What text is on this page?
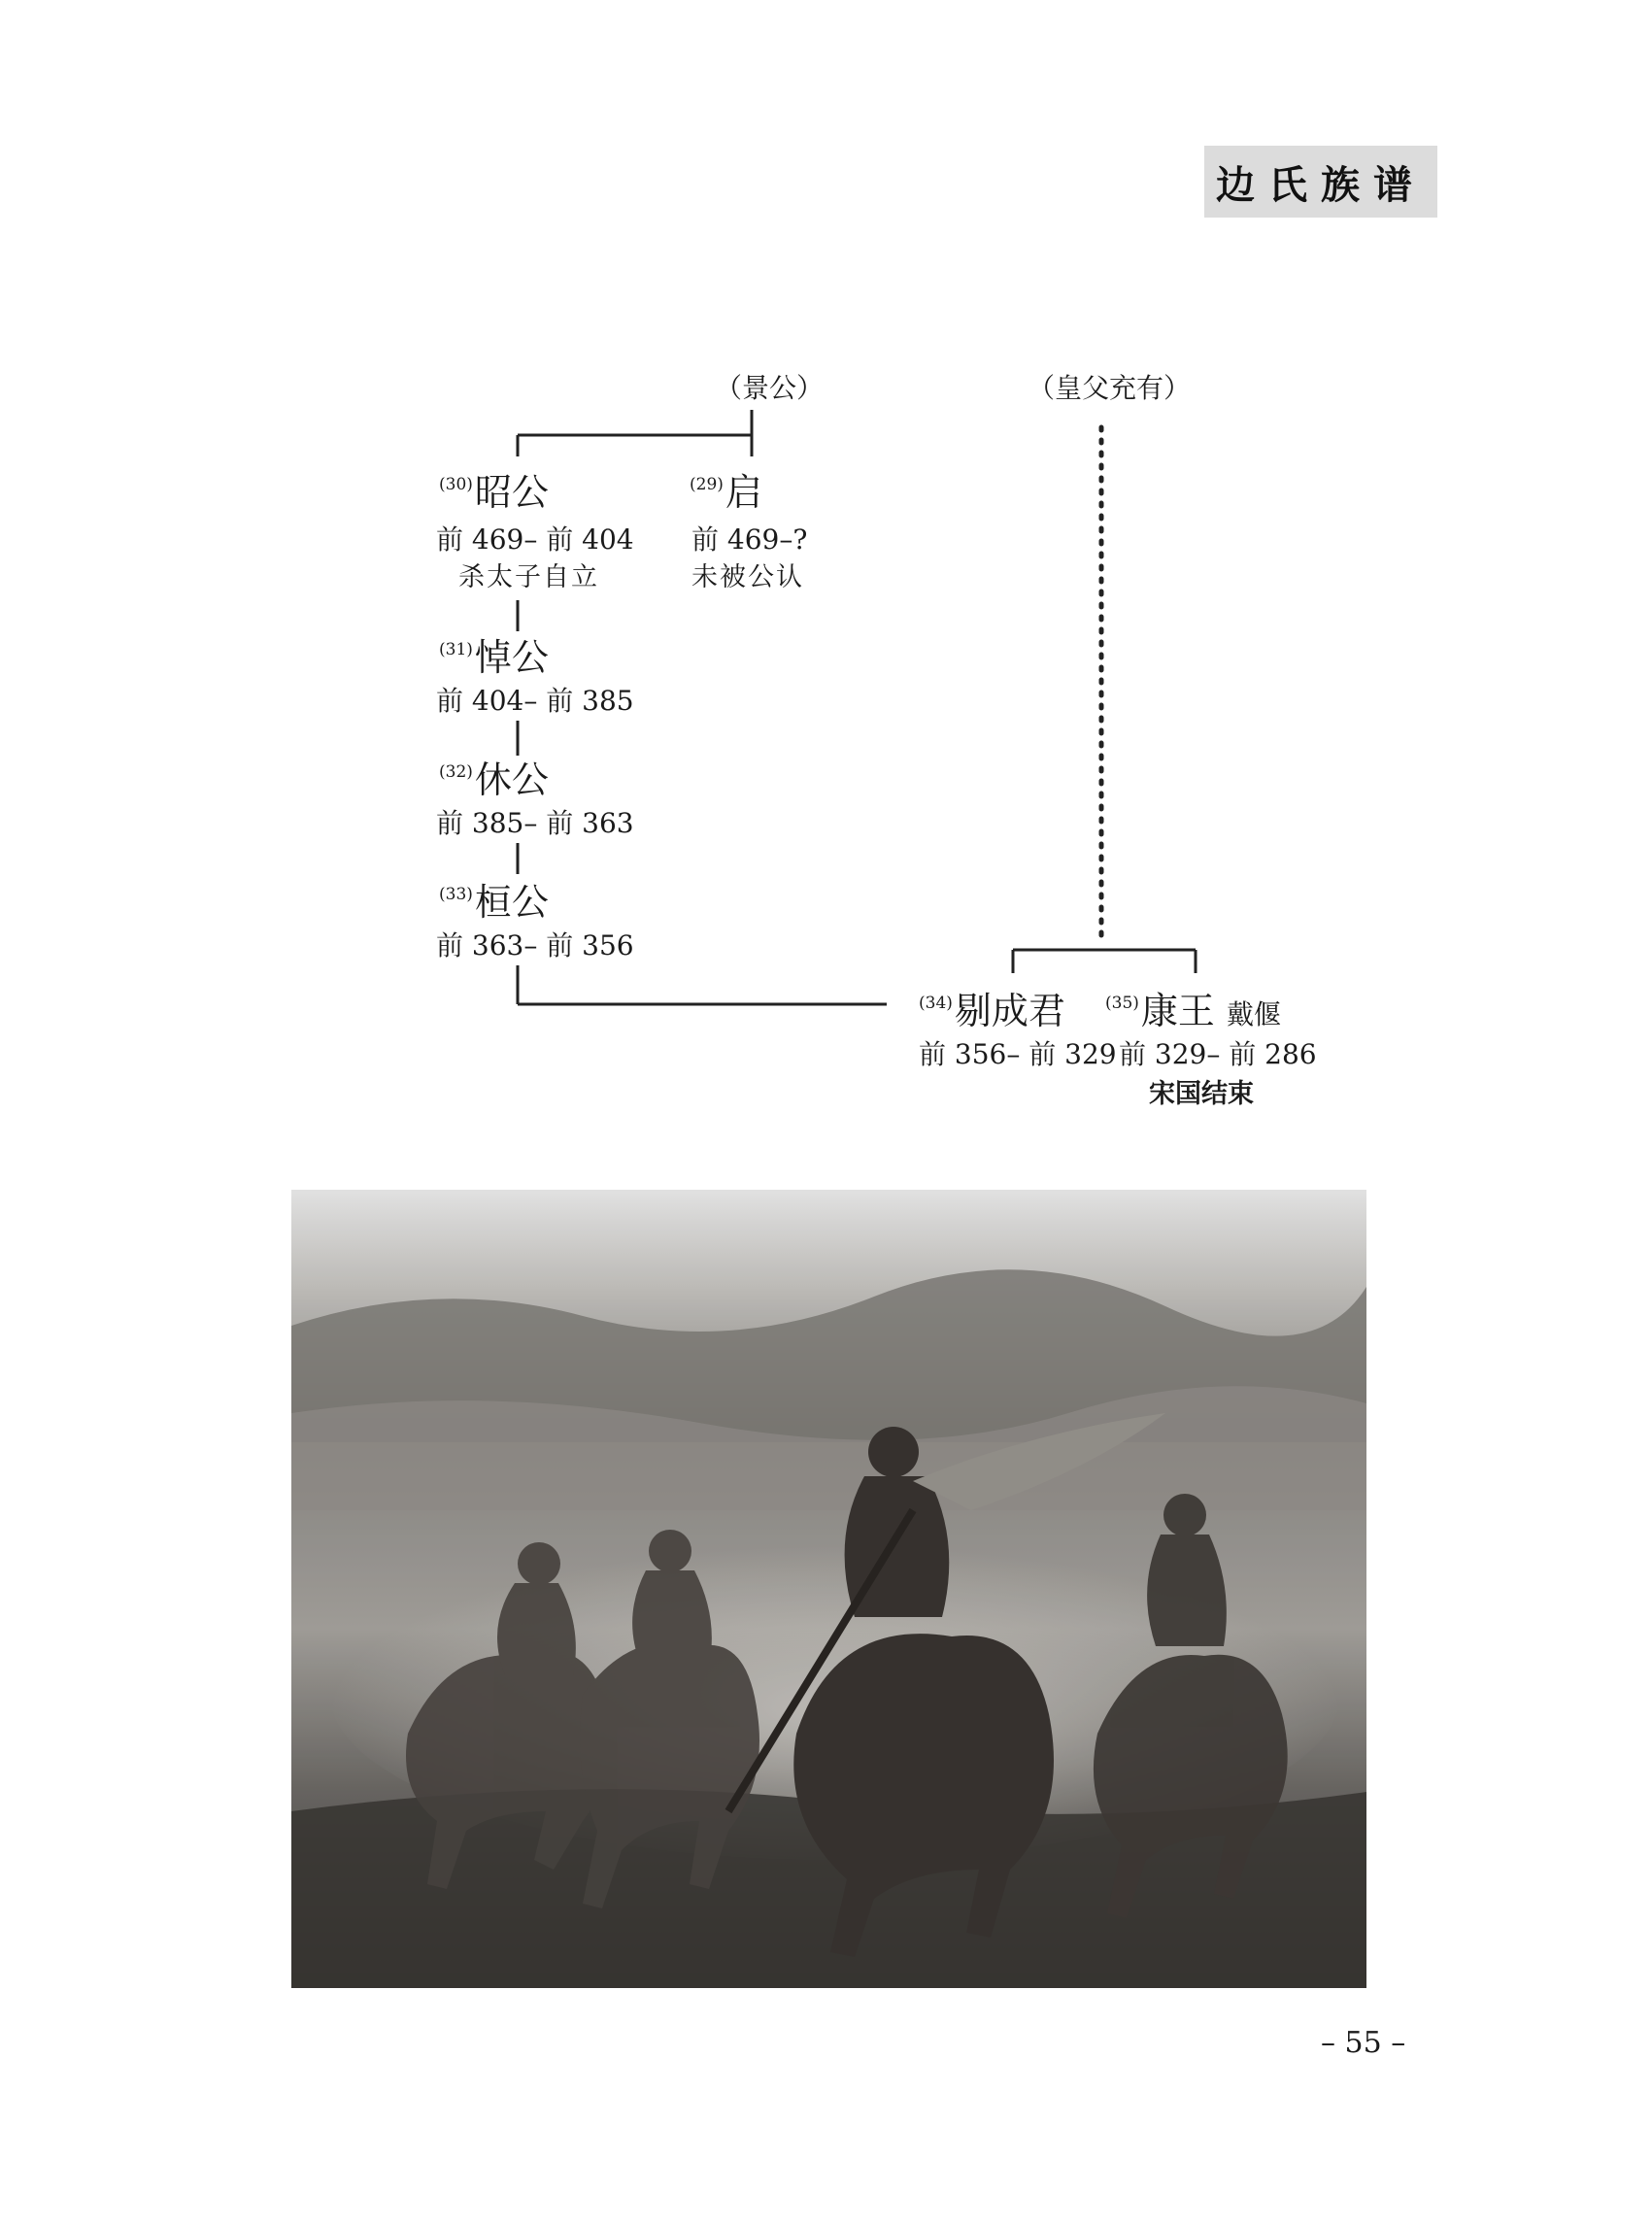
边氏族谱
（景公）	（皇父充有）
$^{(30)}$昭公
前 469– 前 404
杀太子自立
$^{(29)}$启
前 469–?
未被公认
$^{(31)}$悼公
前 404– 前 385
$^{(32)}$休公
前 385– 前 363
$^{(33)}$桓公
前 363– 前 356
$^{(34)}$剔成君
前 356– 前 329
$^{(35)}$康王 戴偃
前 329– 前 286
宋国结束
– 55 –
